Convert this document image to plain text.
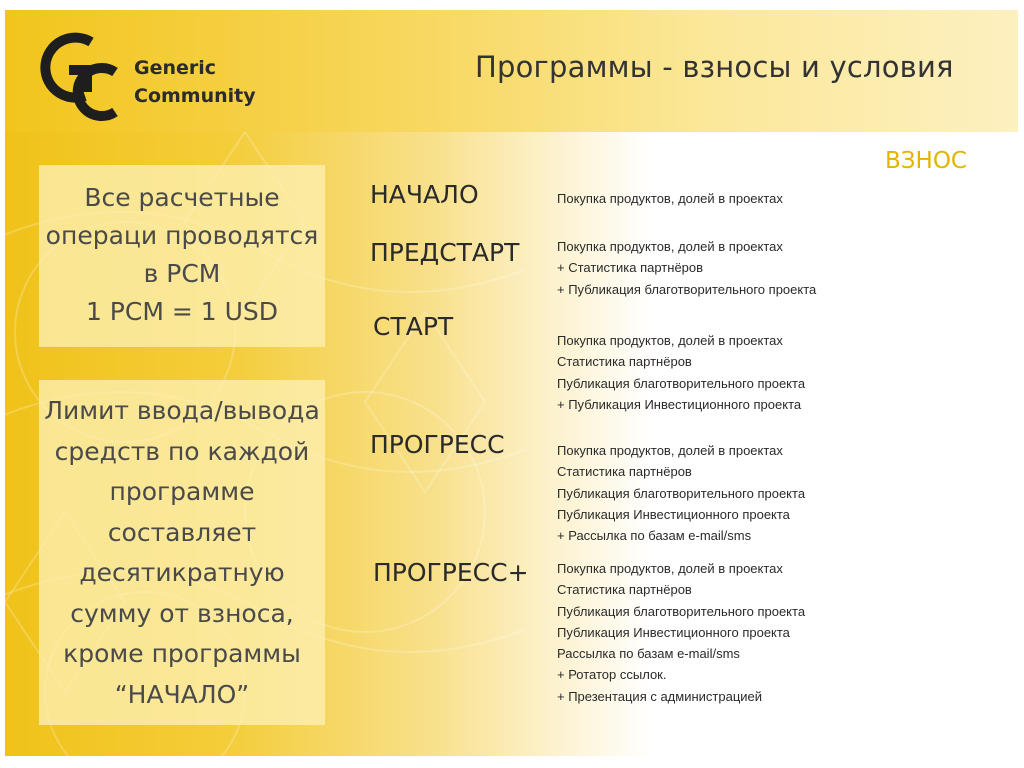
Generic
Community
Программы - взносы и условия
Все расчетные
операци проводятся
в PCM
1 PCM = 1 USD
Лимит ввода/вывода
средств по каждой
программе
составляет
десятикратную
сумму от взноса,
кроме программы
“НАЧАЛО”
ВЗНОС
НАЧАЛО	Покупка продуктов, долей в проектах
ПРЕДСТАРТ	Покупка продуктов, долей в проектах
+ Статистика партнёров
+ Публикация благотворительного проекта
СТАРТ	Покупка продуктов, долей в проектах
Статистика партнёров
Публикация благотворительного проекта
+ Публикация Инвестиционного проекта
ПРОГРЕСС	Покупка продуктов, долей в проектах
Статистика партнёров
Публикация благотворительного проекта
Публикация Инвестиционного проекта
+ Рассылка по базам e-mail/sms
ПРОГРЕСС+ Покупка продуктов, долей в проектах
Статистика партнёров
Публикация благотворительного проекта
Публикация Инвестиционного проекта
Рассылка по базам e-mail/sms
+ Ротатор ссылок.
+ Презентация с администрацией
